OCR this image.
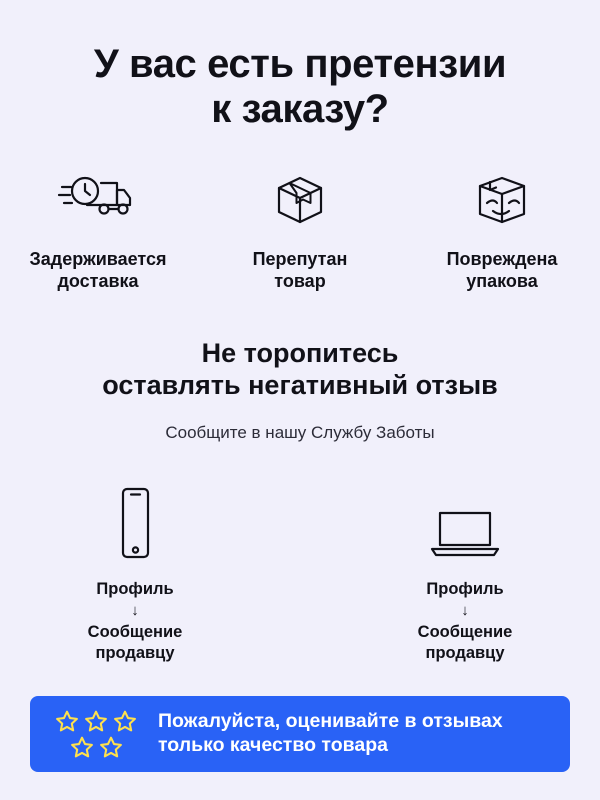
У вас есть претензии
к заказу?
Задерживается
доставка
Перепутан
товар
Повреждена
упакова
Не торопитесь
оставлять негативный отзыв
Сообщите в нашу Службу Заботы
Профиль
↓
Сообщение
продавцу
Профиль
↓
Сообщение
продавцу
Пожалуйста, оценивайте в отзывах
только качество товара
